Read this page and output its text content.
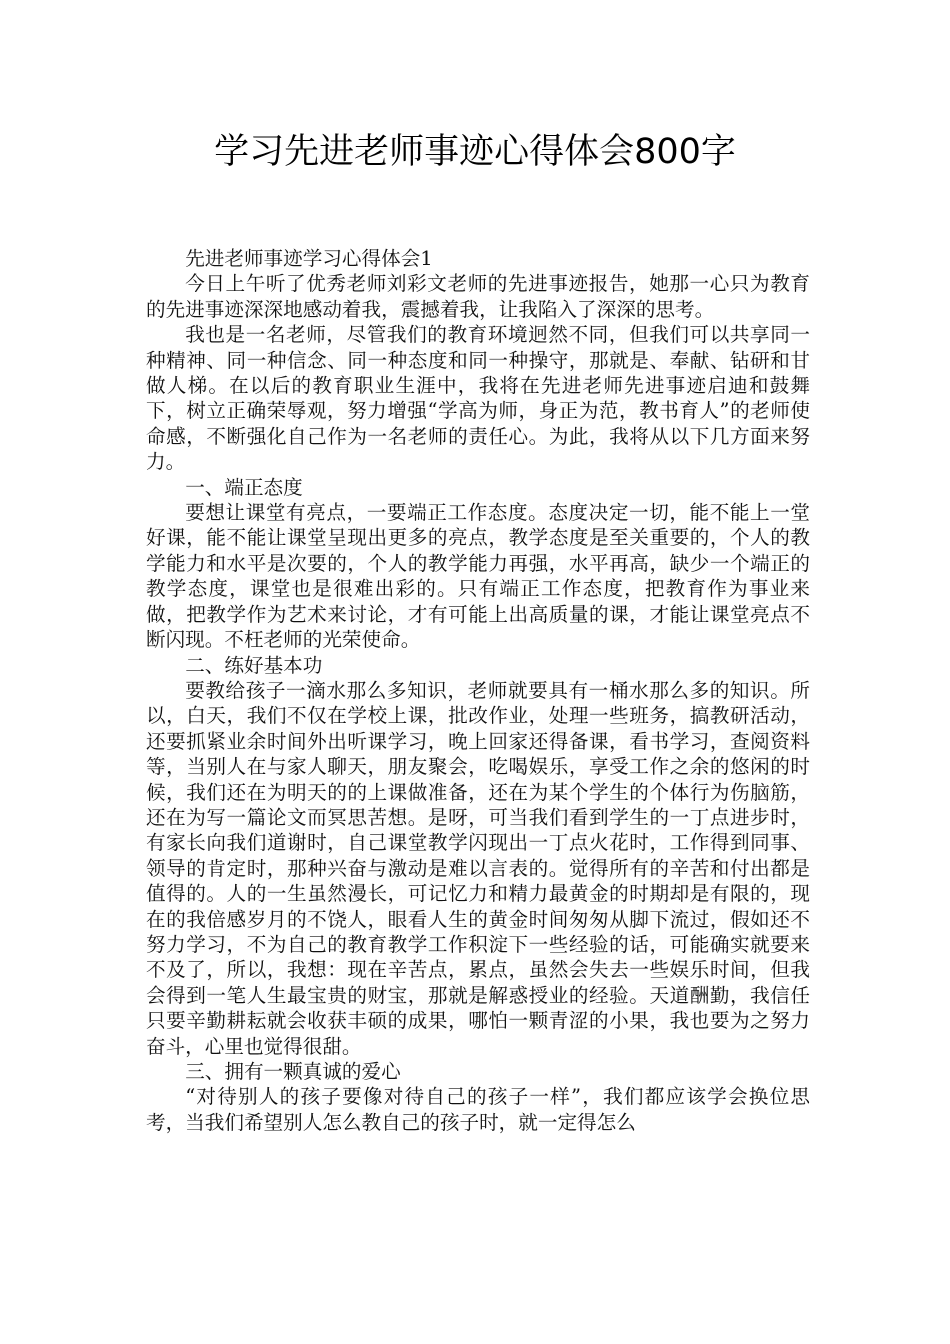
学习先进老师事迹心得体会800字

先进老师事迹学习心得体会1

今日上午听了优秀老师刘彩文老师的先进事迹报告，她那一心只为教育的先进事迹深深地感动着我，震撼着我，让我陷入了深深的思考。

我也是一名老师，尽管我们的教育环境迥然不同，但我们可以共享同一种精神、同一种信念、同一种态度和同一种操守，那就是、奉献、钻研和甘做人梯。在以后的教育职业生涯中，我将在先进老师先进事迹启迪和鼓舞下，树立正确荣辱观，努力增强“学高为师，身正为范，教书育人”的老师使命感，不断强化自己作为一名老师的责任心。为此，我将从以下几方面来努力。

一、端正态度

要想让课堂有亮点，一要端正工作态度。态度决定一切，能不能上一堂好课，能不能让课堂呈现出更多的亮点，教学态度是至关重要的，个人的教学能力和水平是次要的，个人的教学能力再强，水平再高，缺少一个端正的教学态度，课堂也是很难出彩的。只有端正工作态度，把教育作为事业来做，把教学作为艺术来讨论，才有可能上出高质量的课，才能让课堂亮点不断闪现。不枉老师的光荣使命。

二、练好基本功

要教给孩子一滴水那么多知识，老师就要具有一桶水那么多的知识。所以，白天，我们不仅在学校上课，批改作业，处理一些班务，搞教研活动，还要抓紧业余时间外出听课学习，晚上回家还得备课，看书学习，查阅资料等，当别人在与家人聊天，朋友聚会，吃喝娱乐，享受工作之余的悠闲的时候，我们还在为明天的的上课做准备，还在为某个学生的个体行为伤脑筋，还在为写一篇论文而冥思苦想。是呀，可当我们看到学生的一丁点进步时，有家长向我们道谢时，自己课堂教学闪现出一丁点火花时，工作得到同事、领导的肯定时，那种兴奋与激动是难以言表的。觉得所有的辛苦和付出都是值得的。人的一生虽然漫长，可记忆力和精力最黄金的时期却是有限的，现在的我倍感岁月的不饶人，眼看人生的黄金时间匆匆从脚下流过，假如还不努力学习，不为自己的教育教学工作积淀下一些经验的话，可能确实就要来不及了，所以，我想：现在辛苦点，累点，虽然会失去一些娱乐时间，但我会得到一笔人生最宝贵的财宝，那就是解惑授业的经验。天道酬勤，我信任只要辛勤耕耘就会收获丰硕的成果，哪怕一颗青涩的小果，我也要为之努力奋斗，心里也觉得很甜。

三、拥有一颗真诚的爱心

“对待别人的孩子要像对待自己的孩子一样”，我们都应该学会换位思考，当我们希望别人怎么教自己的孩子时，就一定得怎么
